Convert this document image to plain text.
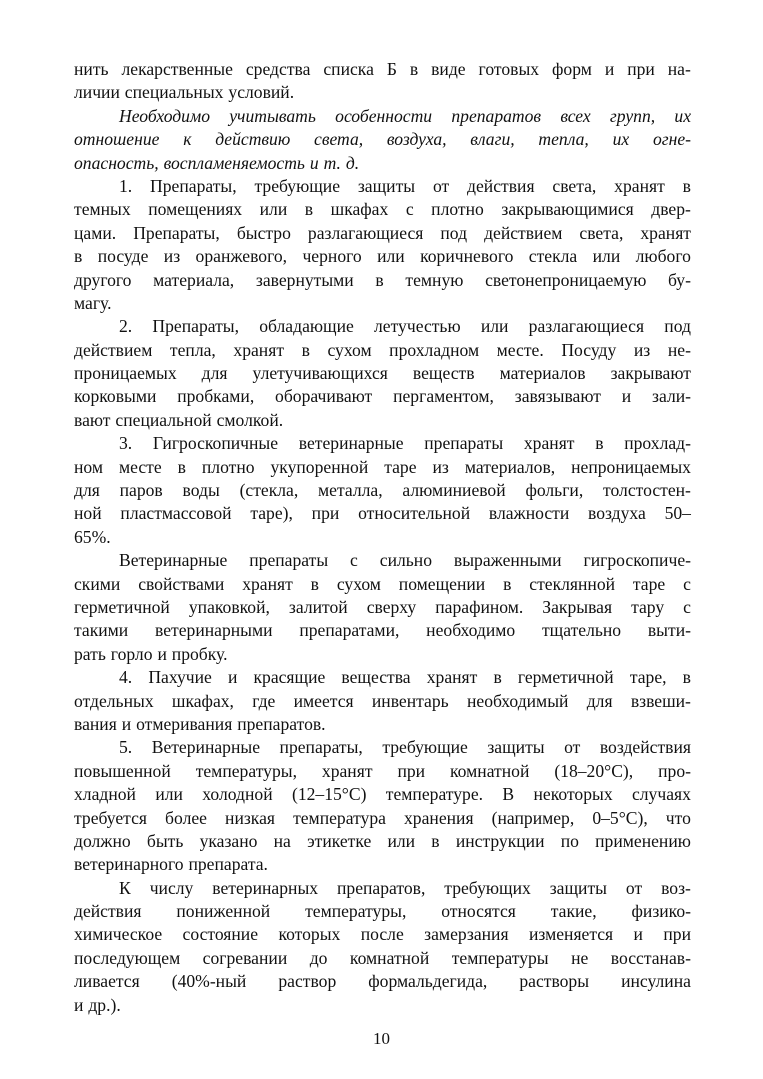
нить лекарственные средства списка Б в виде готовых форм и при на-
личии специальных условий.
Необходимо учитывать особенности препаратов всех групп, их
отношение к действию света, воздуха, влаги, тепла, их огне-
опасность, воспламеняемость и т. д.
1. Препараты, требующие защиты от действия света, хранят в
темных помещениях или в шкафах с плотно закрывающимися двер-
цами. Препараты, быстро разлагающиеся под действием света, хранят
в посуде из оранжевого, черного или коричневого стекла или любого
другого материала, завернутыми в темную светонепроницаемую бу-
магу.
2. Препараты, обладающие летучестью или разлагающиеся под
действием тепла, хранят в сухом прохладном месте. Посуду из не-
проницаемых для улетучивающихся веществ материалов закрывают
корковыми пробками, оборачивают пергаментом, завязывают и зали-
вают специальной смолкой.
3. Гигроскопичные ветеринарные препараты хранят в прохлад-
ном месте в плотно укупоренной таре из материалов, непроницаемых
для паров воды (стекла, металла, алюминиевой фольги, толстостен-
ной пластмассовой таре), при относительной влажности воздуха 50–
65%.
Ветеринарные препараты с сильно выраженными гигроскопиче-
скими свойствами хранят в сухом помещении в стеклянной таре с
герметичной упаковкой, залитой сверху парафином. Закрывая тару с
такими ветеринарными препаратами, необходимо тщательно выти-
рать горло и пробку.
4. Пахучие и красящие вещества хранят в герметичной таре, в
отдельных шкафах, где имеется инвентарь необходимый для взвеши-
вания и отмеривания препаратов.
5. Ветеринарные препараты, требующие защиты от воздействия
повышенной температуры, хранят при комнатной (18–20°С), про-
хладной или холодной (12–15°С) температуре. В некоторых случаях
требуется более низкая температура хранения (например, 0–5°С), что
должно быть указано на этикетке или в инструкции по применению
ветеринарного препарата.
К числу ветеринарных препаратов, требующих защиты от воз-
действия пониженной температуры, относятся такие, физико-
химическое состояние которых после замерзания изменяется и при
последующем согревании до комнатной температуры не восстанав-
ливается (40%-ный раствор формальдегида, растворы инсулина
и др.).
10
